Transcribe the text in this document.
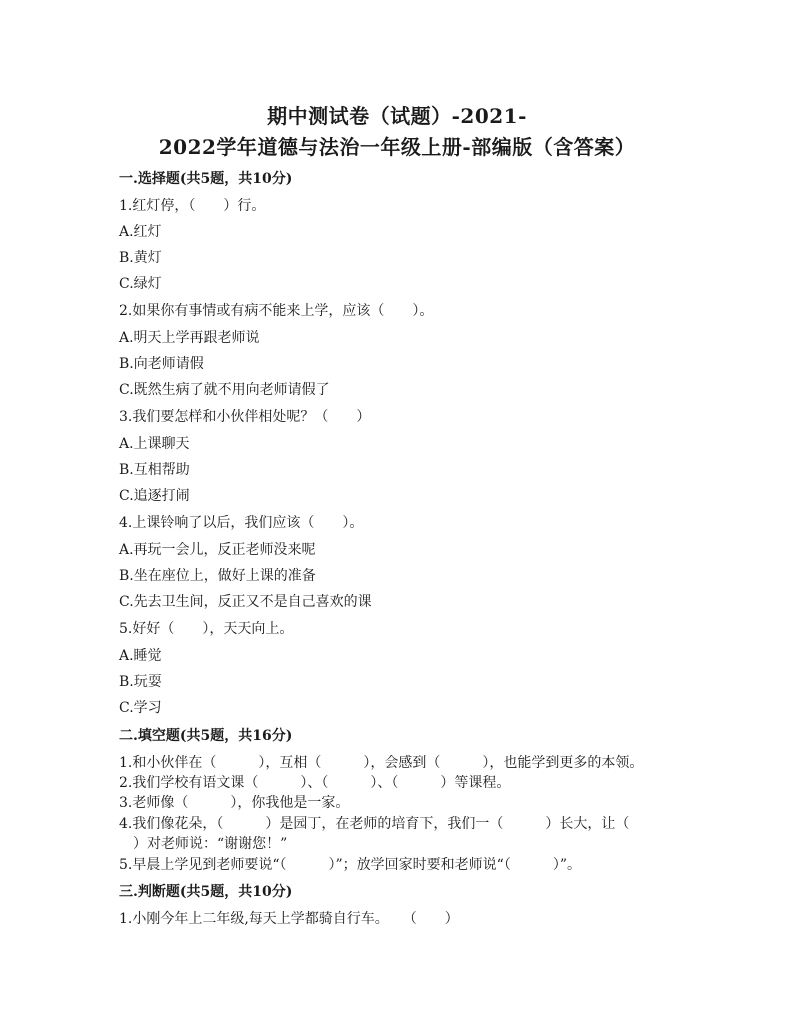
期中测试卷（试题）-2021-
2022学年道德与法治一年级上册-部编版（含答案）
一.选择题(共5题，共10分)
1.红灯停，（　　）行。
A.红灯
B.黄灯
C.绿灯
2.如果你有事情或有病不能来上学，应该（　　）。
A.明天上学再跟老师说
B.向老师请假
C.既然生病了就不用向老师请假了
3.我们要怎样和小伙伴相处呢？（　　）
A.上课聊天
B.互相帮助
C.追逐打闹
4.上课铃响了以后，我们应该（　　）。
A.再玩一会儿，反正老师没来呢
B.坐在座位上，做好上课的准备
C.先去卫生间，反正又不是自己喜欢的课
5.好好（　　），天天向上。
A.睡觉
B.玩耍
C.学习
二.填空题(共5题，共16分)
1.和小伙伴在（　　　），互相（　　　），会感到（　　　），也能学到更多的本领。
2.我们学校有语文课（　　　）、（　　　）、（　　　）等课程。
3.老师像（　　　），你我他是一家。
4.我们像花朵，（　　　）是园丁，在老师的培育下，我们一（　　　）长大，让（
　）对老师说：“谢谢您！”
5.早晨上学见到老师要说“（　　　）”；放学回家时要和老师说“（　　　）”。
三.判断题(共5题，共10分)
1.小刚今年上二年级,每天上学都骑自行车。　　（　　）
